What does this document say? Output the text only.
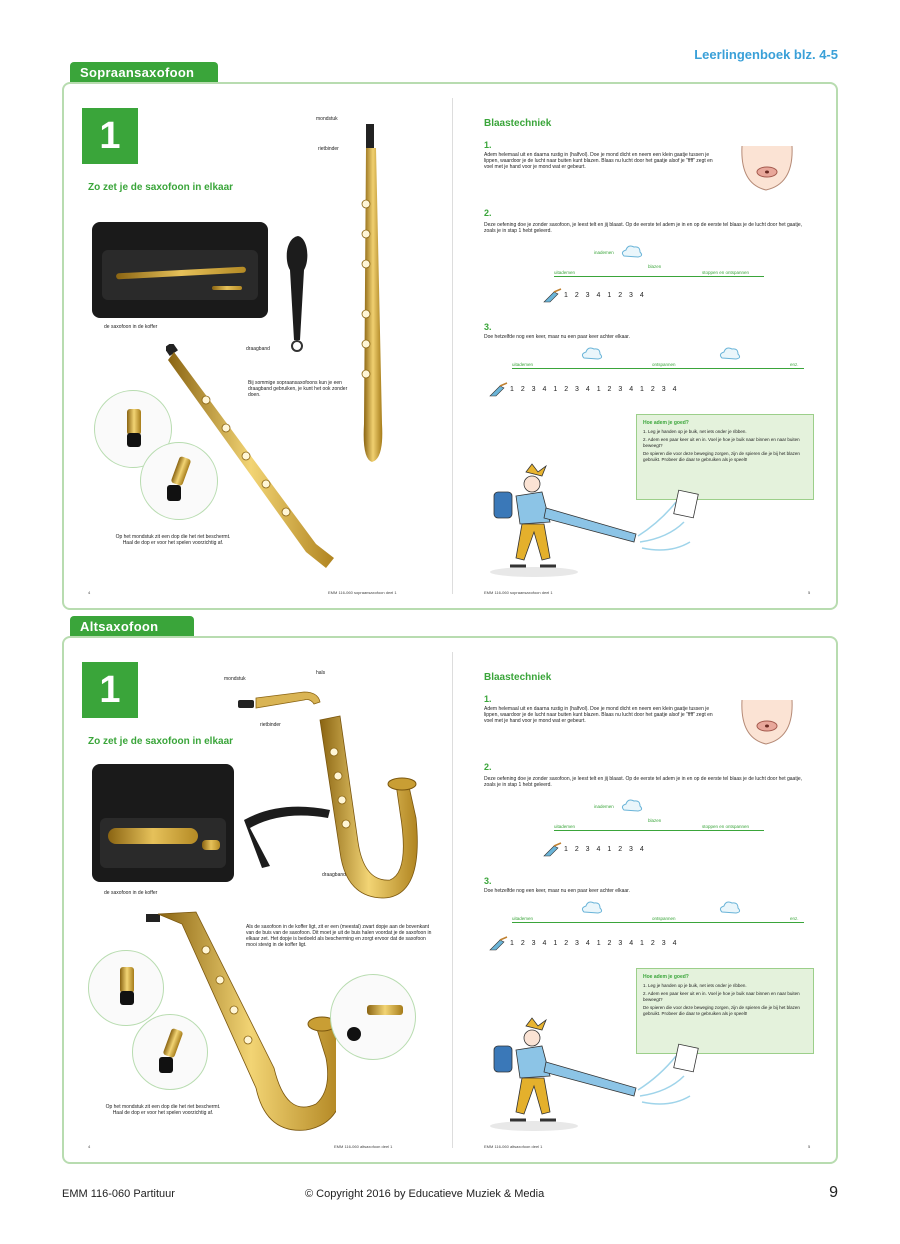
Leerlingenboek blz. 4-5
Sopraansaxofoon
1
Zo zet je de saxofoon in elkaar
mondstuk
rietbinder
de saxofoon in de koffer
draagband
Bij sommige sopraansaxofoons kun je een draagband gebruiken, je kunt het ook zonder doen.
Op het mondstuk zit een dop die het riet beschermt. Haal de dop er voor het spelen voorzichtig af.
4	EMM 116-060 sopraansaxofoon deel 1
Blaastechniek
1.
Adem helemaal uit en daarna rustig in (halfvol). Doe je mond dicht en neem een klein gaatje tussen je lippen, waardoor je de lucht naar buiten kunt blazen. Blaas nu lucht door het gaatje alsof je "ffff" zegt en voel met je hand voor je mond wat er gebeurt.
2.
Deze oefening doe je zonder saxofoon, je leest telt en jij blaast. Op de eerste tel adem je in en op de eerste tel blaas je de lucht door het gaatje, zoals je in stap 1 hebt geleerd.
inademen
uitademen
blazen
stoppen en ontspannen
1 2 3 4 1 2 3 4
3.
Doe hetzelfde nog een keer, maar nu een paar keer achter elkaar.
uitademen	ontspannen	enz.
1 2 3 4 1 2 3 4 1 2 3 4 1 2 3 4
Hoe adem je goed?
1. Leg je handen op je buik, net iets onder je ribben.
2. Adem een paar keer uit en in. Voel je hoe je buik naar binnen en naar buiten beweegt?
De spieren die voor deze beweging zorgen, zijn de spieren die je bij het blazen gebruikt. Probeer die daar te gebruiken als je speelt!
EMM 116-060 sopraansaxofoon deel 1	5
Altsaxofoon
1
Zo zet je de saxofoon in elkaar
mondstuk
hals
rietbinder
de saxofoon in de koffer
draagband
Als de saxofoon in de koffer ligt, zit er een (meestal) zwart dopje aan de bovenkant van de buis van de saxofoon. Dit moet je uit de buis halen voordat je de saxofoon in elkaar zet. Het dopje is bedoeld als bescherming en zorgt ervoor dat de saxofoon mooi stevig in de koffer ligt.
Op het mondstuk zit een dop die het riet beschermt. Haal de dop er voor het spelen voorzichtig af.
4	EMM 116-060 altsaxofoon deel 1
Blaastechniek
1.
Adem helemaal uit en daarna rustig in (halfvol). Doe je mond dicht en neem een klein gaatje tussen je lippen, waardoor je de lucht naar buiten kunt blazen. Blaas nu lucht door het gaatje alsof je "ffff" zegt en voel met je hand voor je mond wat er gebeurt.
2.
Deze oefening doe je zonder saxofoon, je leest telt en jij blaast. Op de eerste tel adem je in en op de eerste tel blaas je de lucht door het gaatje, zoals je in stap 1 hebt geleerd.
inademen
uitademen
blazen
stoppen en ontspannen
1 2 3 4 1 2 3 4
3.
Doe hetzelfde nog een keer, maar nu een paar keer achter elkaar.
uitademen	ontspannen	enz.
1 2 3 4 1 2 3 4 1 2 3 4 1 2 3 4
Hoe adem je goed?
1. Leg je handen op je buik, net iets onder je ribben.
2. Adem een paar keer uit en in. Voel je hoe je buik naar binnen en naar buiten beweegt?
De spieren die voor deze beweging zorgen, zijn de spieren die je bij het blazen gebruikt. Probeer die daar te gebruiken als je speelt!
EMM 116-060 altsaxofoon deel 1	5
EMM 116-060 Partituur	© Copyright 2016 by Educatieve Muziek & Media	9
